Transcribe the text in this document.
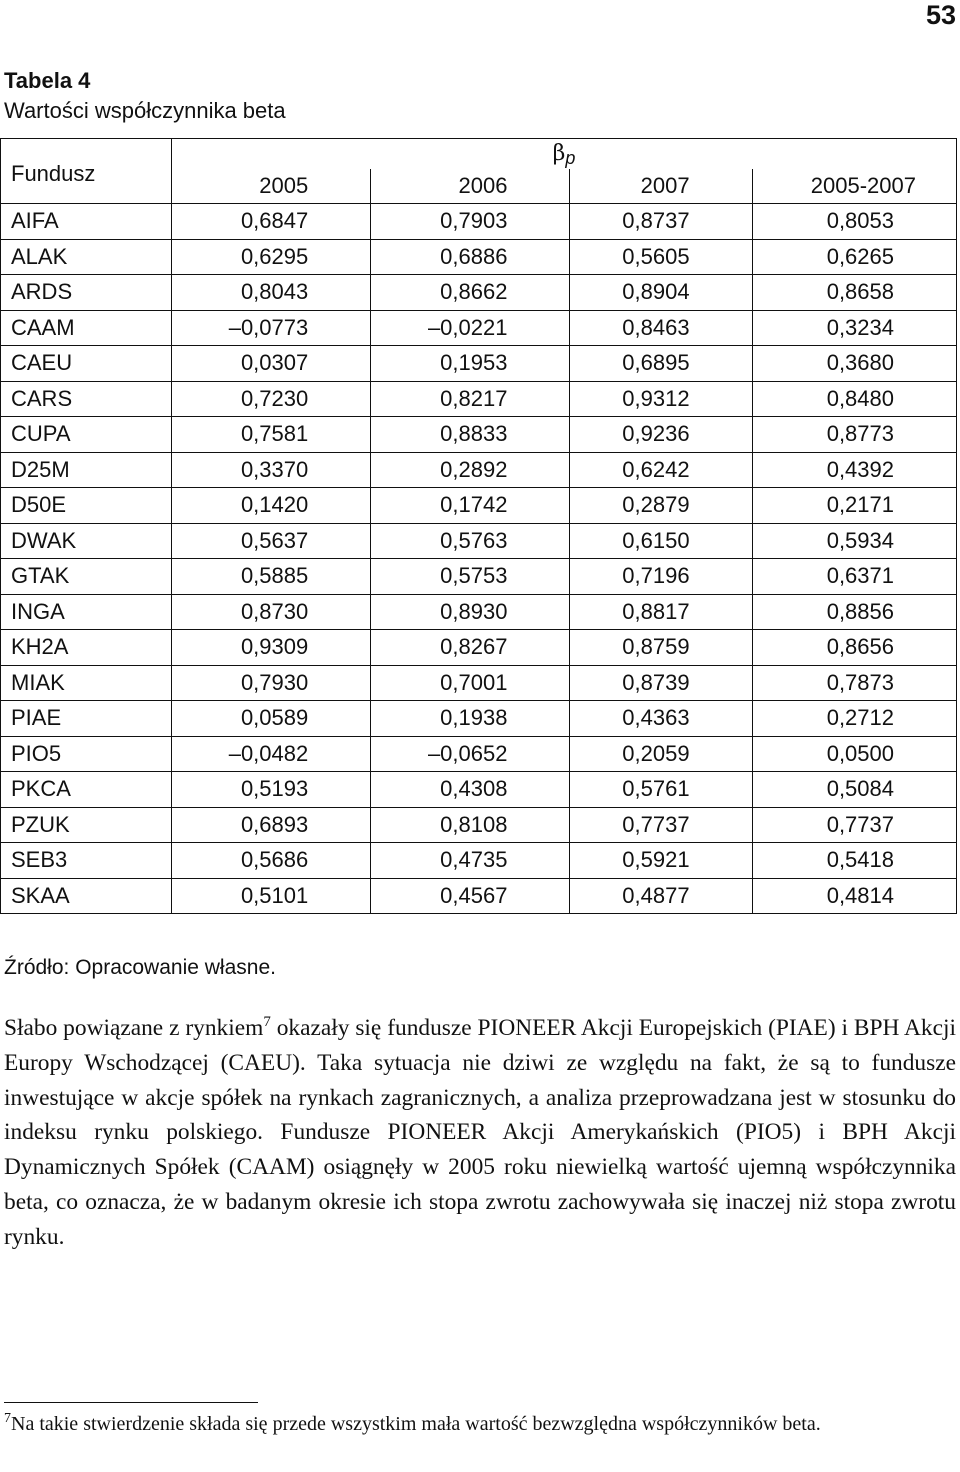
53
Tabela 4
Wartości współczynnika beta
Fundusz	βp			
	2005	2006	2007	2005-2007
AIFA	0,6847	0,7903	0,8737	0,8053
ALAK	0,6295	0,6886	0,5605	0,6265
ARDS	0,8043	0,8662	0,8904	0,8658
CAAM	–0,0773	–0,0221	0,8463	0,3234
CAEU	0,0307	0,1953	0,6895	0,3680
CARS	0,7230	0,8217	0,9312	0,8480
CUPA	0,7581	0,8833	0,9236	0,8773
D25M	0,3370	0,2892	0,6242	0,4392
D50E	0,1420	0,1742	0,2879	0,2171
DWAK	0,5637	0,5763	0,6150	0,5934
GTAK	0,5885	0,5753	0,7196	0,6371
INGA	0,8730	0,8930	0,8817	0,8856
KH2A	0,9309	0,8267	0,8759	0,8656
MIAK	0,7930	0,7001	0,8739	0,7873
PIAE	0,0589	0,1938	0,4363	0,2712
PIO5	–0,0482	–0,0652	0,2059	0,0500
PKCA	0,5193	0,4308	0,5761	0,5084
PZUK	0,6893	0,8108	0,7737	0,7737
SEB3	0,5686	0,4735	0,5921	0,5418
SKAA	0,5101	0,4567	0,4877	0,4814
Źródło: Opracowanie własne.

Słabo powiązane z rynkiem$^7$ okazały się fundusze PIONEER Akcji Europejskich (PIAE) i BPH Akcji Europy Wschodzącej (CAEU). Taka sytuacja nie dziwi ze względu na fakt, że są to fundusze inwestujące w akcje spółek na rynkach zagranicznych, a analiza przeprowadzana jest w stosunku do indeksu rynku polskiego. Fundusze PIONEER Akcji Amerykańskich (PIO5) i BPH Akcji Dynamicznych Spółek (CAAM) osiągnęły w 2005 roku niewielką wartość ujemną współczynnika beta, co oznacza, że w badanym okresie ich stopa zwrotu zachowywała się inaczej niż stopa zwrotu rynku.

$^7$Na takie stwierdzenie składa się przede wszystkim mała wartość bezwzględna współczynników beta.
